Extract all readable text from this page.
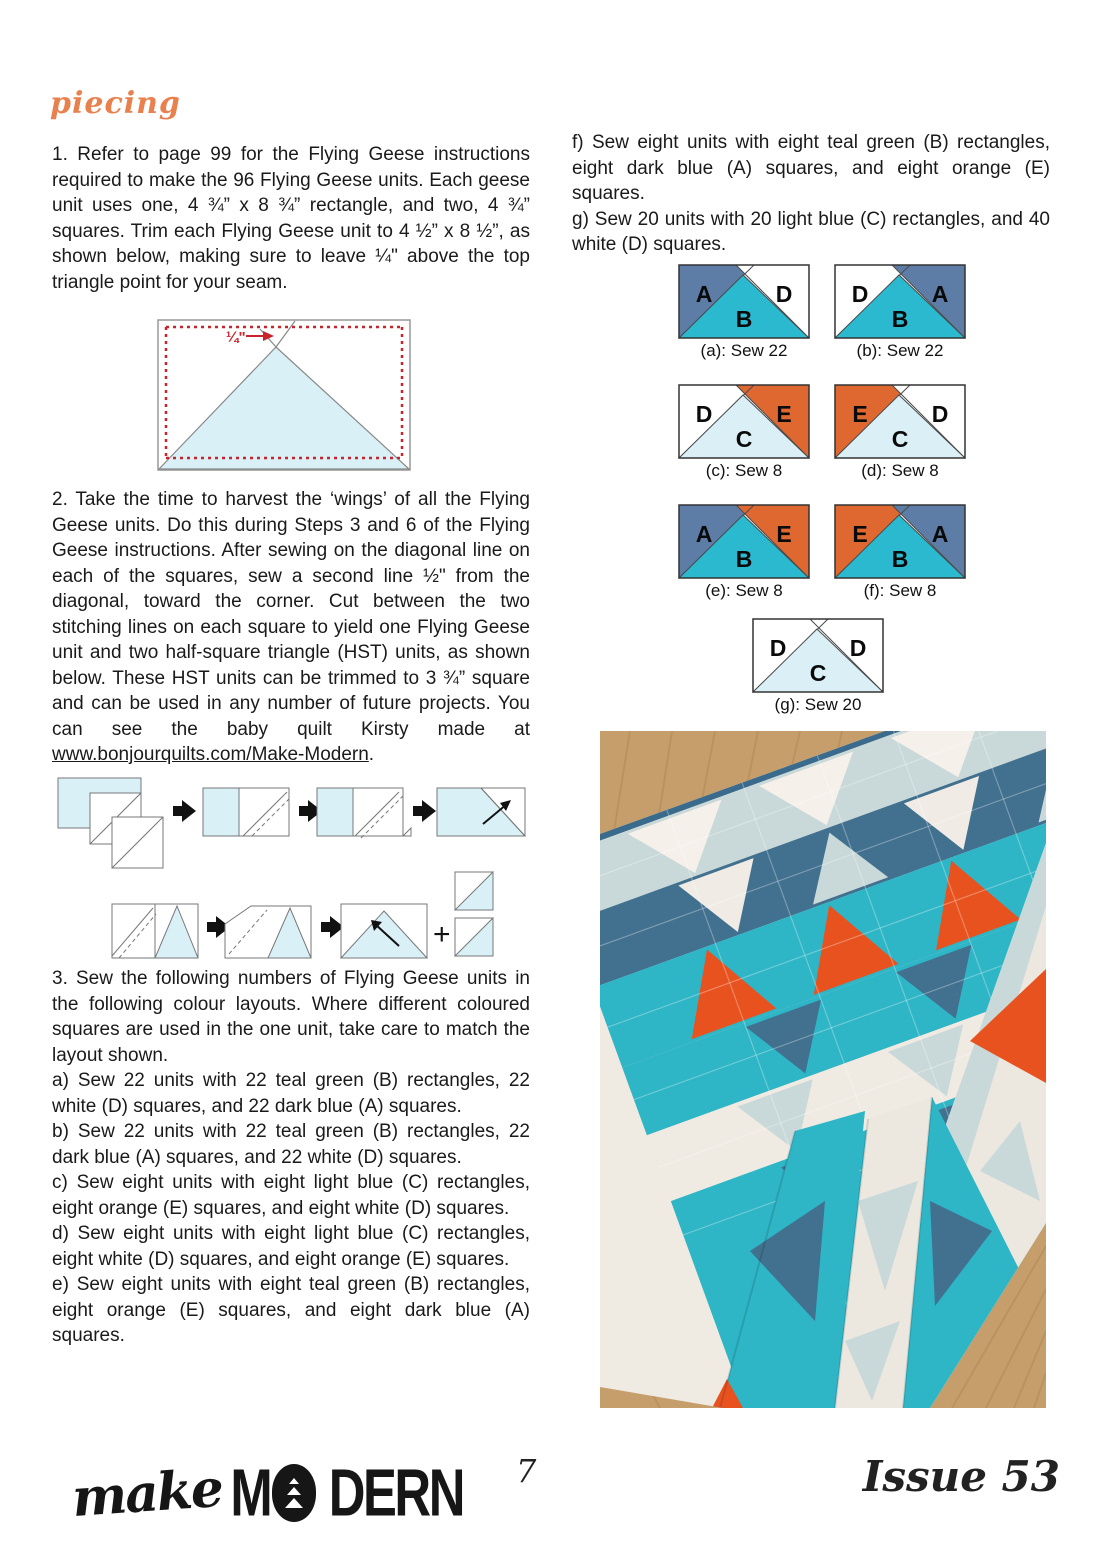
piecing
1. Refer to page 99 for the Flying Geese instructions required to make the 96 Flying Geese units. Each geese unit uses one, 4 ¾” x 8 ¾” rectangle, and two, 4 ¾” squares. Trim each Flying Geese unit to 4 ½” x 8 ½”, as shown below, making sure to leave ¼" above the top triangle point for your seam.
¼"
2. Take the time to harvest the ‘wings’ of all the Flying Geese units. Do this during Steps 3 and 6 of the Flying Geese instructions. After sewing on the diagonal line on each of the squares, sew a second line ½" from the diagonal, toward the corner. Cut between the two stitching lines on each square to yield one Flying Geese unit and two half-square triangle (HST) units, as shown below. These HST units can be trimmed to 3 ¾” square and can be used in any number of future projects. You can see the baby quilt Kirsty made at www.bonjourquilts.com/Make-Modern.
+

3. Sew the following numbers of Flying Geese units in the following colour layouts. Where different coloured squares are used in the one unit, take care to match the layout shown.

a) Sew 22 units with 22 teal green (B) rectangles, 22 white (D) squares, and 22 dark blue (A) squares.

b) Sew 22 units with 22 teal green (B) rectangles, 22 dark blue (A) squares, and 22 white (D) squares.

c) Sew eight units with eight light blue (C) rectangles, eight orange (E) squares, and eight white (D) squares.

d) Sew eight units with eight light blue (C) rectangles, eight white (D) squares, and eight orange (E) squares.

e) Sew eight units with eight teal green (B) rectangles, eight orange (E) squares, and eight dark blue (A) squares.

f) Sew eight units with eight teal green (B) rectangles, eight dark blue (A) squares, and eight orange (E) squares.

g) Sew 20 units with 20 light blue (C) rectangles, and 40 white (D) squares.

A	D
B
(a): Sew 22
D	A
B
(b): Sew 22
D	E
C
(c): Sew 8
E	D
C
(d): Sew 8
A	E
B
(e): Sew 8
E	A
B
(f): Sew 8
D	D
C
(g): Sew 20
make M DERN 7	Issue 53
